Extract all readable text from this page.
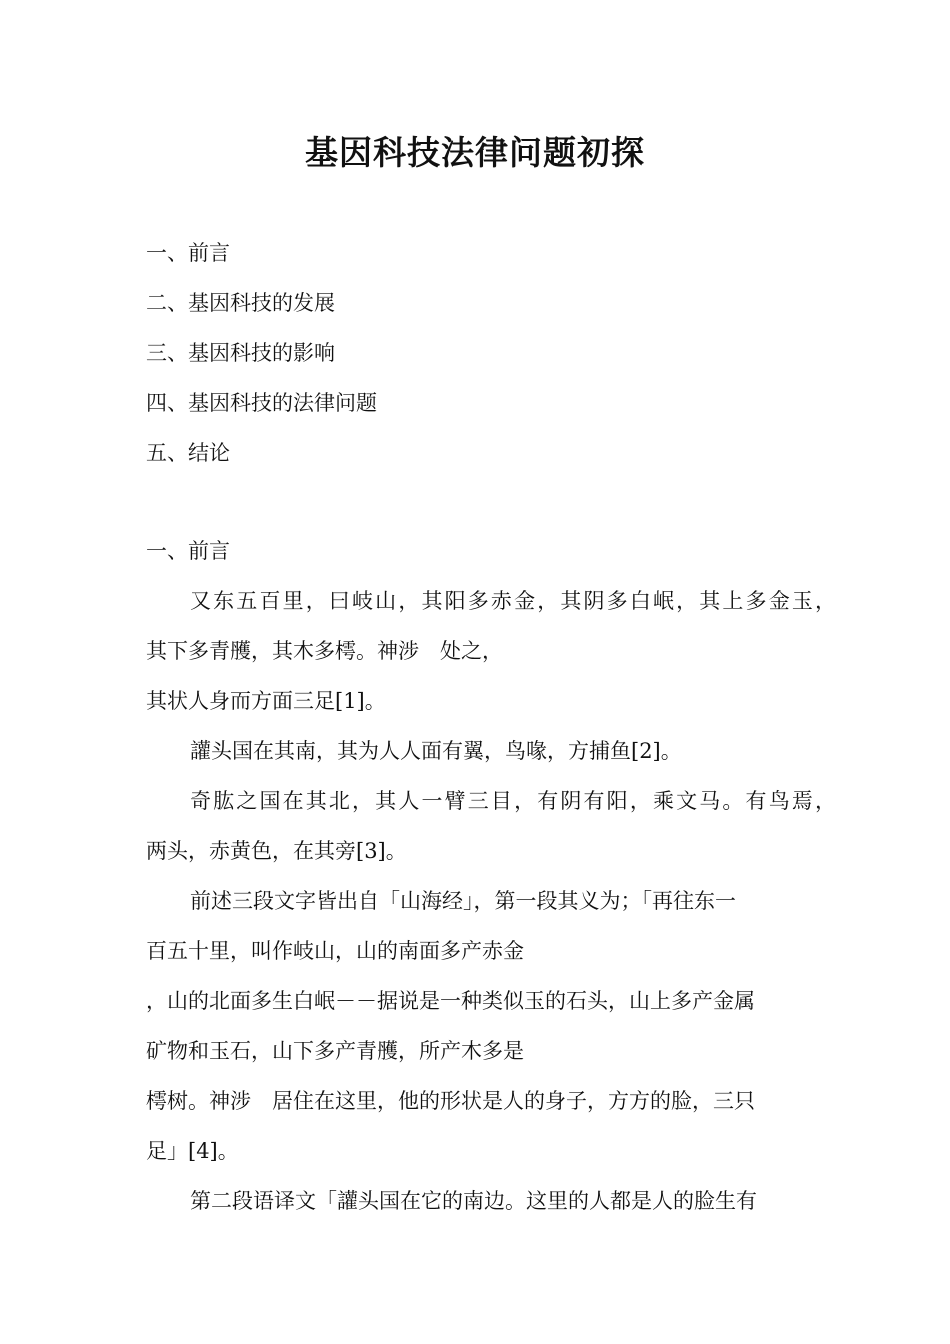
基因科技法律问题初探
一、前言
二、基因科技的发展
三、基因科技的影响
四、基因科技的法律问题
五、结论
一、前言
又东五百里，曰岐山，其阳多赤金，其阴多白岷，其上多金玉，
其下多青雘，其木多樗。神涉　处之，
其状人身而方面三足[1]。
讙头国在其南，其为人人面有翼，鸟喙，方捕鱼[2]。
奇肱之国在其北，其人一臂三目，有阴有阳，乘文马。有鸟焉，
两头，赤黄色，在其旁[3]。
前述三段文字皆出自「山海经」，第一段其义为；「再往东一
百五十里，叫作岐山，山的南面多产赤金
，山的北面多生白岷－－据说是一种类似玉的石头，山上多产金属
矿物和玉石，山下多产青雘，所产木多是
樗树。神涉　居住在这里，他的形状是人的身子，方方的脸，三只
足」[4]。
第二段语译文「讙头国在它的南边。这里的人都是人的脸生有
